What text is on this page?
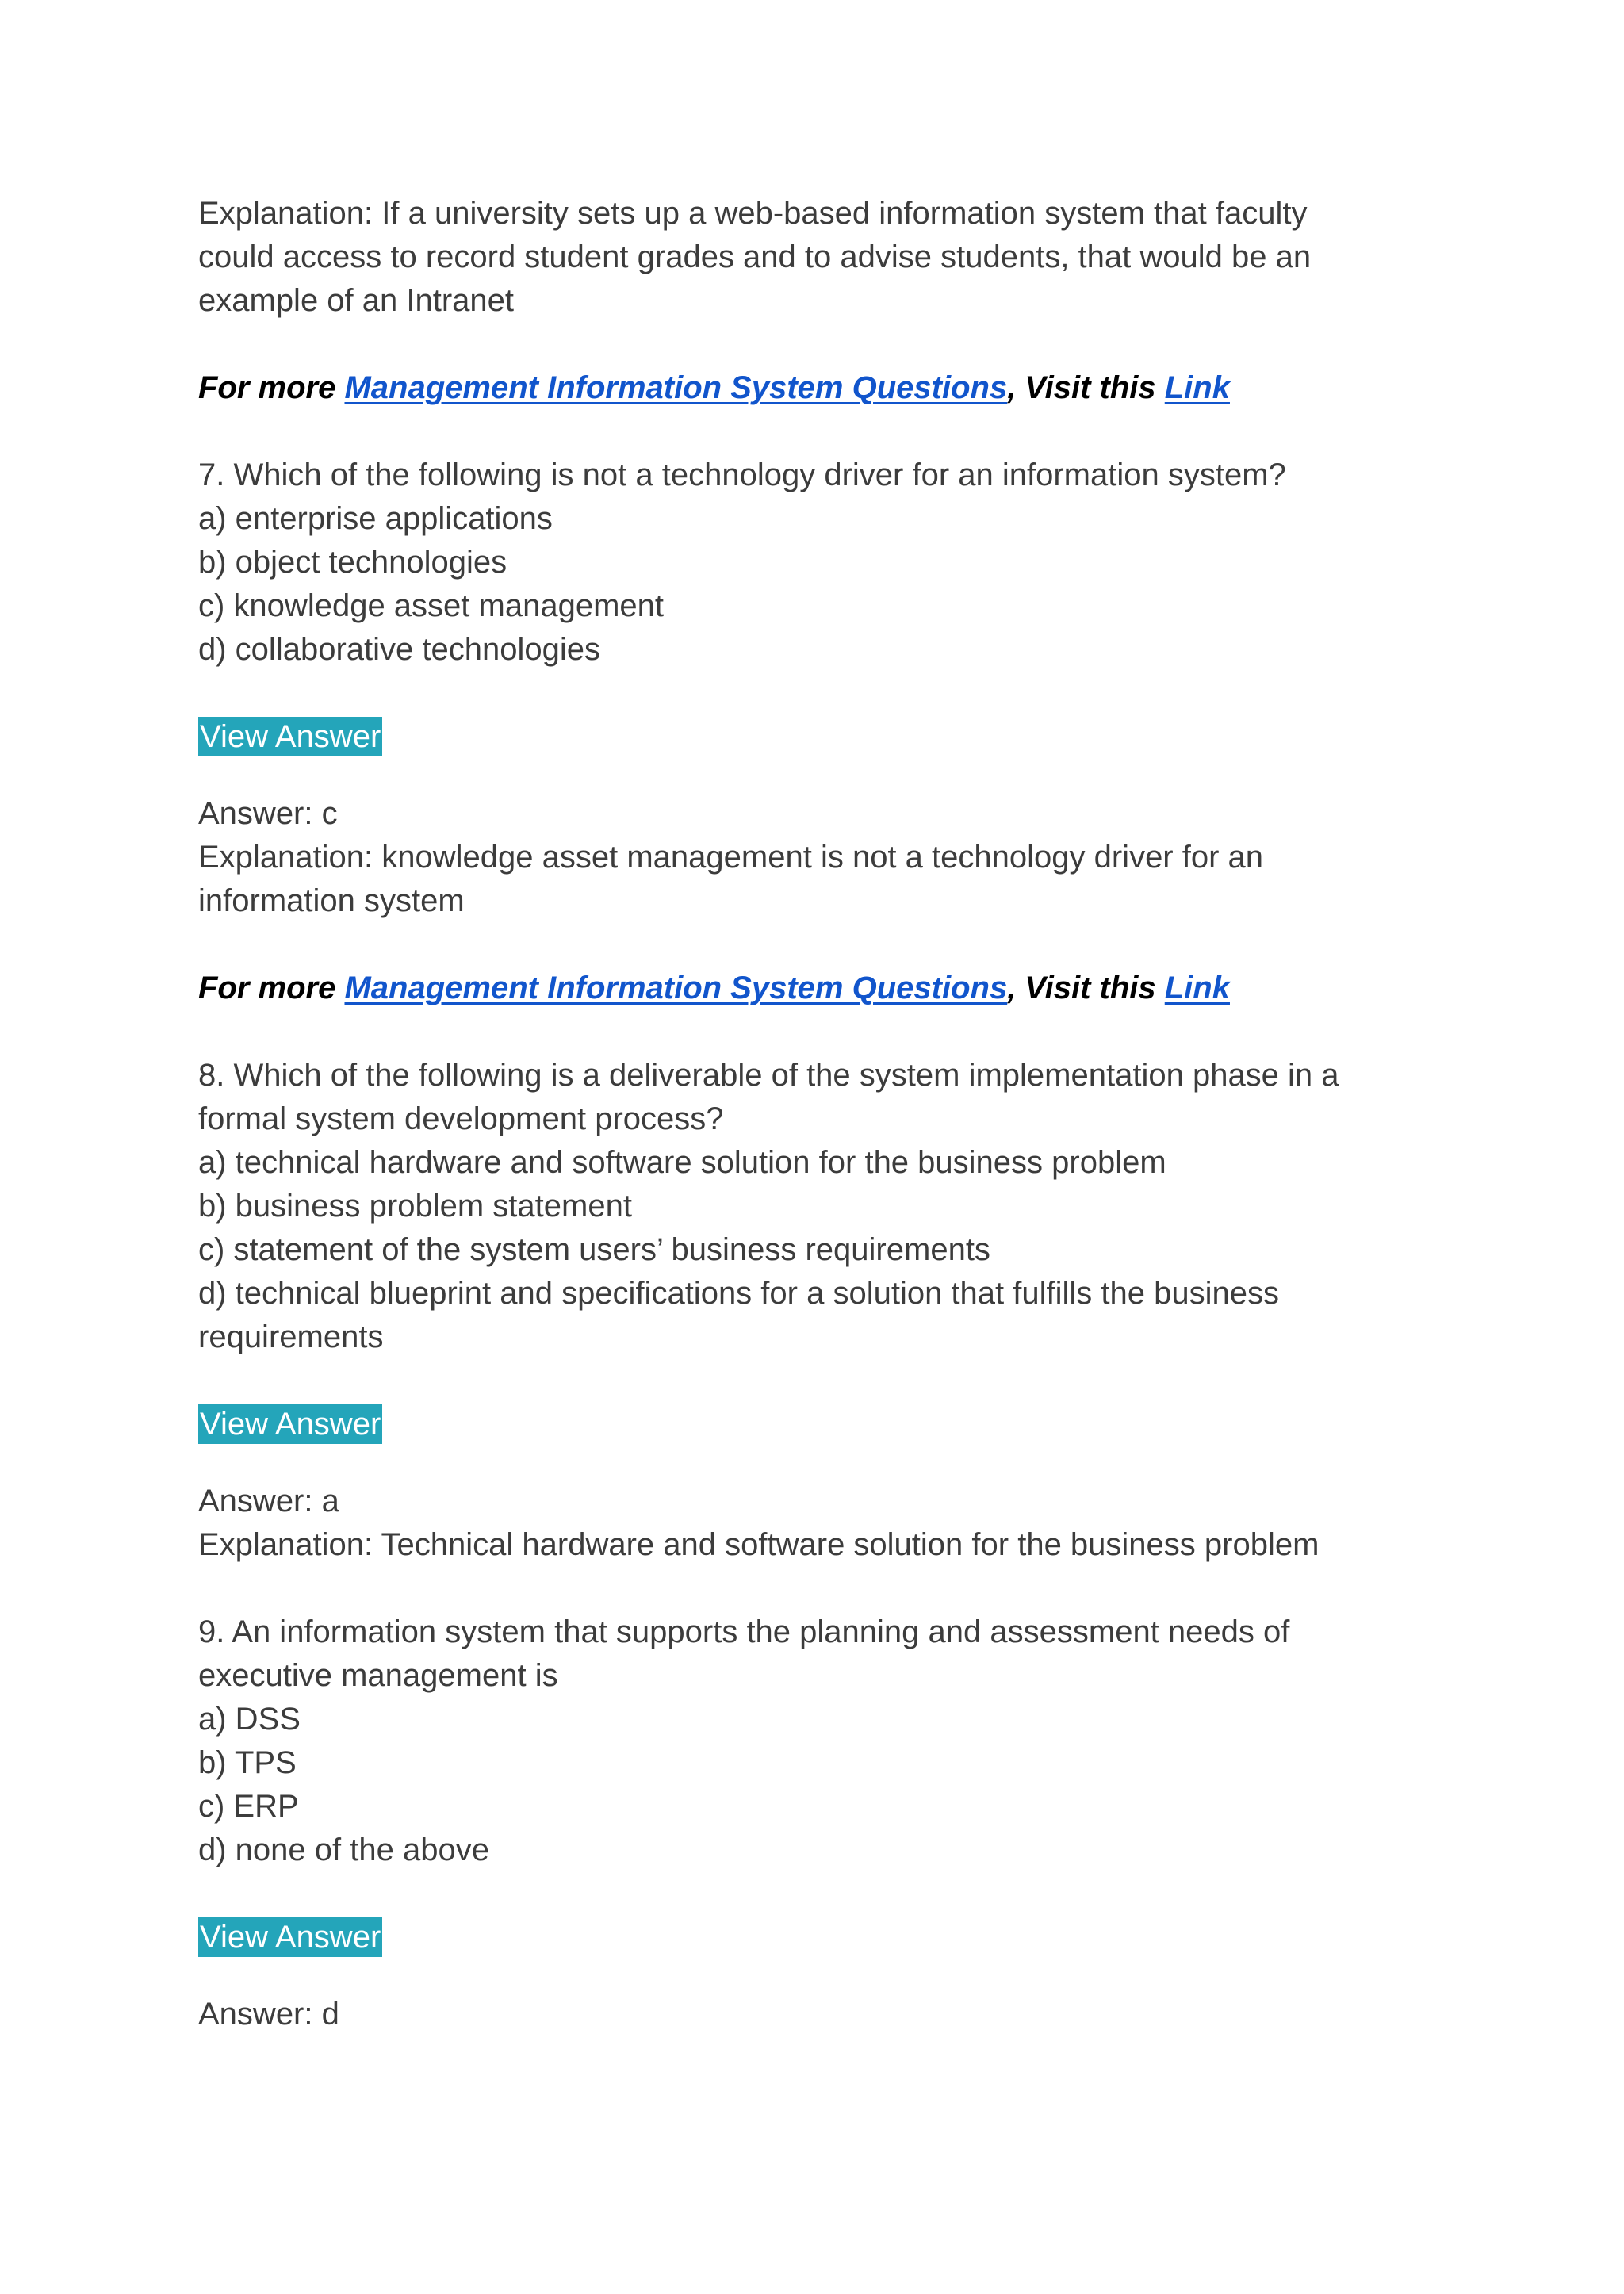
Explanation: If a university sets up a web-based information system that faculty
could access to record student grades and to advise students, that would be an
example of an Intranet
For more Management Information System Questions, Visit this Link
7. Which of the following is not a technology driver for an information system?
a) enterprise applications
b) object technologies
c) knowledge asset management
d) collaborative technologies
View Answer
Answer: c
Explanation: knowledge asset management is not a technology driver for an
information system
For more Management Information System Questions, Visit this Link
8. Which of the following is a deliverable of the system implementation phase in a
formal system development process?
a) technical hardware and software solution for the business problem
b) business problem statement
c) statement of the system users’ business requirements
d) technical blueprint and specifications for a solution that fulfills the business
requirements
View Answer
Answer: a
Explanation: Technical hardware and software solution for the business problem
9. An information system that supports the planning and assessment needs of
executive management is
a) DSS
b) TPS
c) ERP
d) none of the above
View Answer
Answer: d
